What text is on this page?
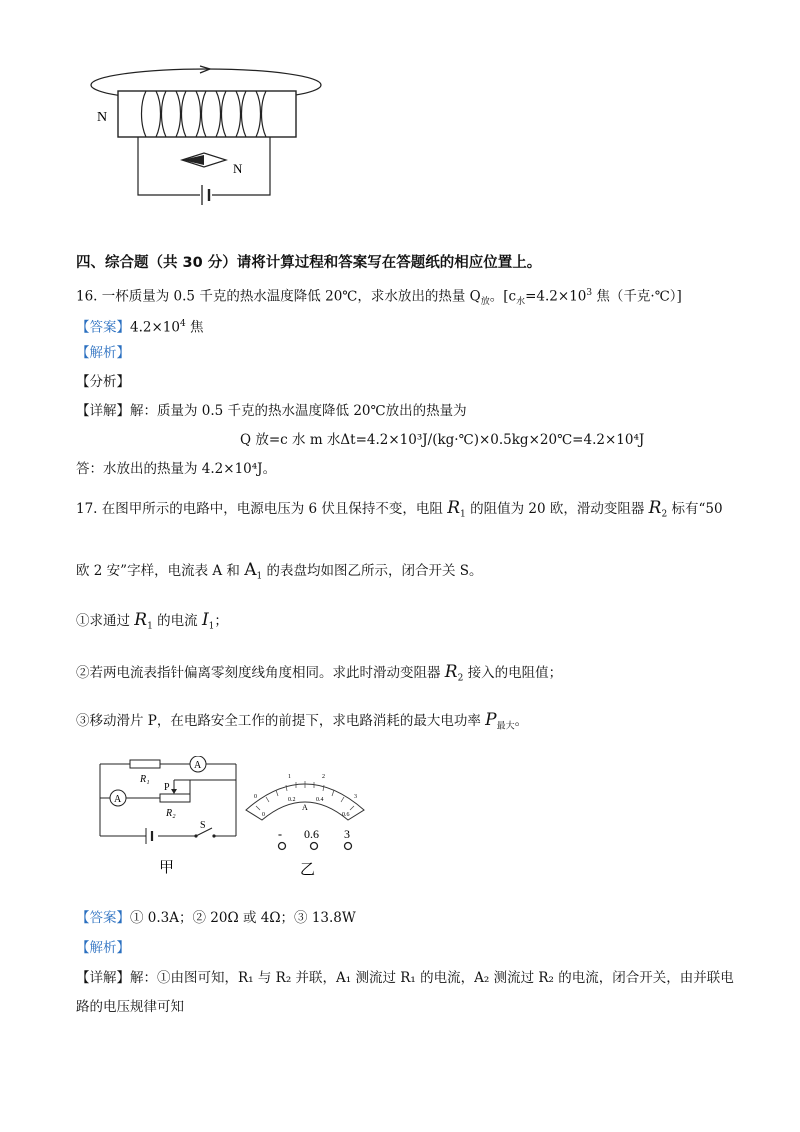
N
N
四、综合题（共 30 分）请将计算过程和答案写在答题纸的相应位置上。
16. 一杯质量为 0.5 千克的热水温度降低 20℃，求水放出的热量 $Q_放$。[$c_水=4.2\times 10^3$ 焦（千克·℃）]
【答案】$4.2\times 10^4$ 焦
【解析】
【分析】
【详解】解：质量为 0.5 千克的热水温度降低 20℃放出的热量为
Q 放=c 水 m 水Δt=4.2×10³J/(kg·℃)×0.5kg×20℃=4.2×10⁴J
答：水放出的热量为 4.2×10⁴J。
17. 在图甲所示的电路中，电源电压为 6 伏且保持不变，电阻 $R_1$ 的阻值为 20 欧，滑动变阻器 $R_2$ 标有“50
欧 2 安”字样，电流表 A 和 $A_1$ 的表盘均如图乙所示，闭合开关 S。
①求通过 $R_1$ 的电流 $I_1$；
②若两电流表指针偏离零刻度线角度相同。求此时滑动变阻器 $R_2$ 接入的电阻值；
③移动滑片 P，在电路安全工作的前提下，求电路消耗的最大电功率 $P_{最大}$。
R₁
A
A
P
R₂
S
甲
0
1	2
3
0
0.2	0.4
0.6
A
- 0.6 3
乙
【答案】① 0.3A；② 20Ω 或 4Ω；③ 13.8W
【解析】
【详解】解：①由图可知，R₁ 与 R₂ 并联，A₁ 测流过 R₁ 的电流，A₂ 测流过 R₂ 的电流，闭合开关，由并联电
路的电压规律可知
